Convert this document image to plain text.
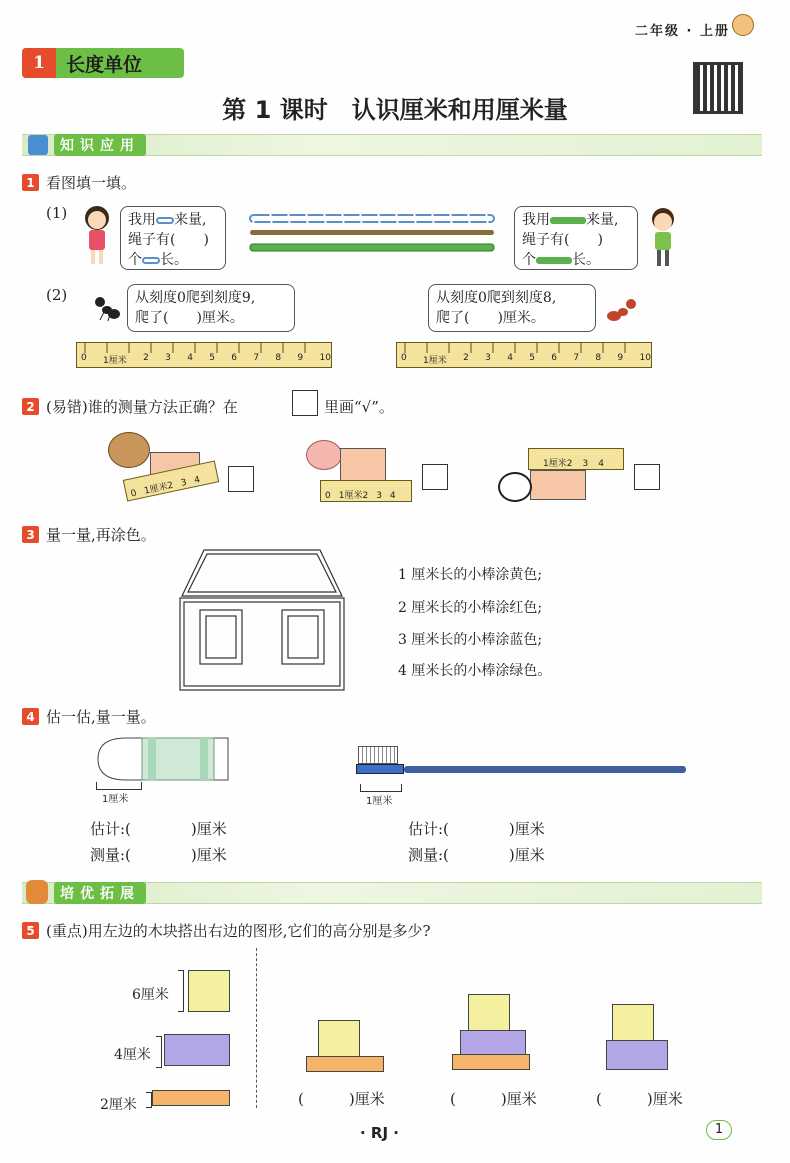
1	长度单位
二年级 · 上册
第 1 课时　认识厘米和用厘米量
知识应用
1 看图填一填。
(1)	我用 来量,
绳子有(　　)
个 长。
我用	来量,
绳子有(　　)
个	长。
(2)	从刻度0爬到刻度9,
爬了(　　)厘米。
从刻度0爬到刻度8,
爬了(　　)厘米。
0 1厘米 2 3 4 5 6 7 8 9 10	0 1厘米 2 3 4 5 6 7 8 9 10
2 (易错)谁的测量方法正确？在	里画“√”。
0 1厘米2 3 4
0 1厘米2 3 4
1厘米2 3 4
3 量一量,再涂色。
1 厘米长的小棒涂黄色;
2 厘米长的小棒涂红色;
3 厘米长的小棒涂蓝色;
4 厘米长的小棒涂绿色。
4 估一估,量一量。
1厘米	1厘米
估计:(　　　　)厘米
测量:(　　　　)厘米
估计:(　　　　)厘米
测量:(　　　　)厘米
培优拓展
5 (重点)用左边的木块搭出右边的图形,它们的高分别是多少?
6厘米
4厘米
2厘米	(　　　)厘米	(　　　)厘米	(　　　)厘米
· RJ ·	1
